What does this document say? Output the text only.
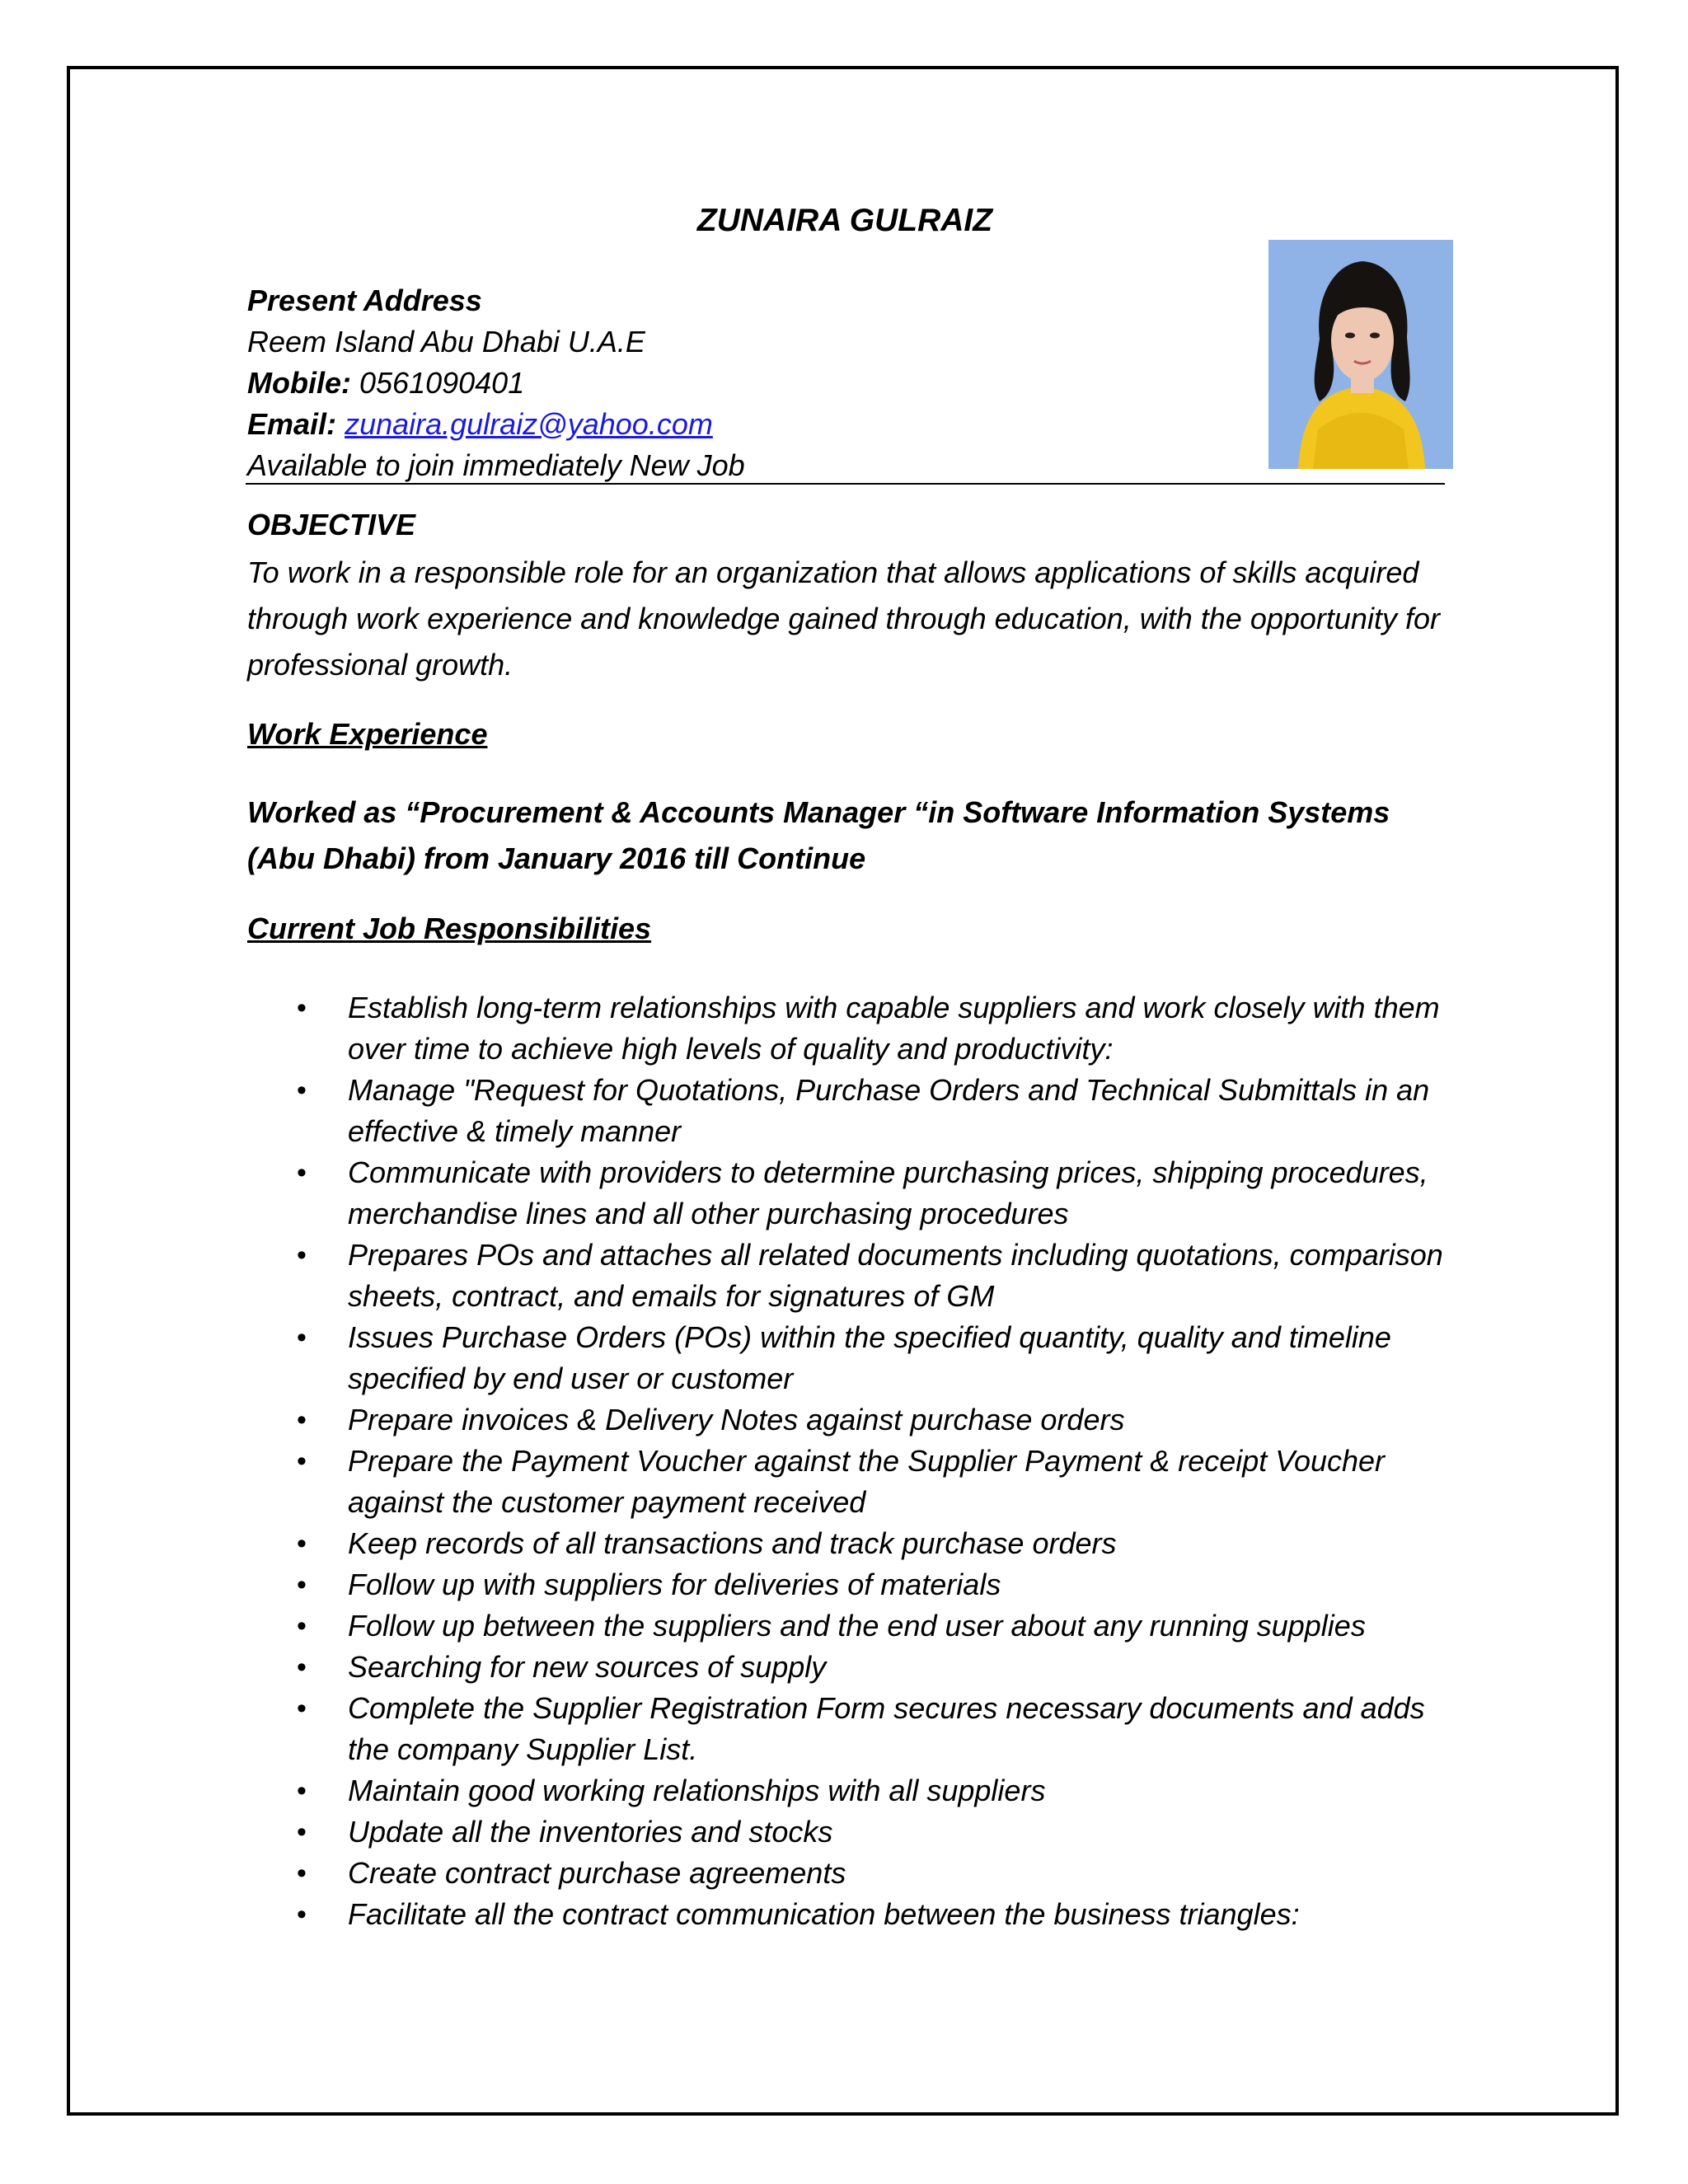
ZUNAIRA GULRAIZ
Present Address
Reem Island Abu Dhabi U.A.E
Mobile: 0561090401
Email: zunaira.gulraiz@yahoo.com
Available to join immediately New Job
OBJECTIVE
To work in a responsible role for an organization that allows applications of skills acquired through work experience and knowledge gained through education, with the opportunity for professional growth.
Work Experience
Worked as “Procurement & Accounts Manager “in Software Information Systems (Abu Dhabi) from January 2016 till Continue
Current Job Responsibilities
• Establish long-term relationships with capable suppliers and work closely with them over time to achieve high levels of quality and productivity:
• Manage "Request for Quotations, Purchase Orders and Technical Submittals in an effective & timely manner
• Communicate with providers to determine purchasing prices, shipping procedures, merchandise lines and all other purchasing procedures
• Prepares POs and attaches all related documents including quotations, comparison sheets, contract, and emails for signatures of GM
• Issues Purchase Orders (POs) within the specified quantity, quality and timeline specified by end user or customer
• Prepare invoices & Delivery Notes against purchase orders
• Prepare the Payment Voucher against the Supplier Payment & receipt Voucher against the customer payment received
• Keep records of all transactions and track purchase orders
• Follow up with suppliers for deliveries of materials
• Follow up between the suppliers and the end user about any running supplies
• Searching for new sources of supply
• Complete the Supplier Registration Form secures necessary documents and adds the company Supplier List.
• Maintain good working relationships with all suppliers
• Update all the inventories and stocks
• Create contract purchase agreements
• Facilitate all the contract communication between the business triangles:
